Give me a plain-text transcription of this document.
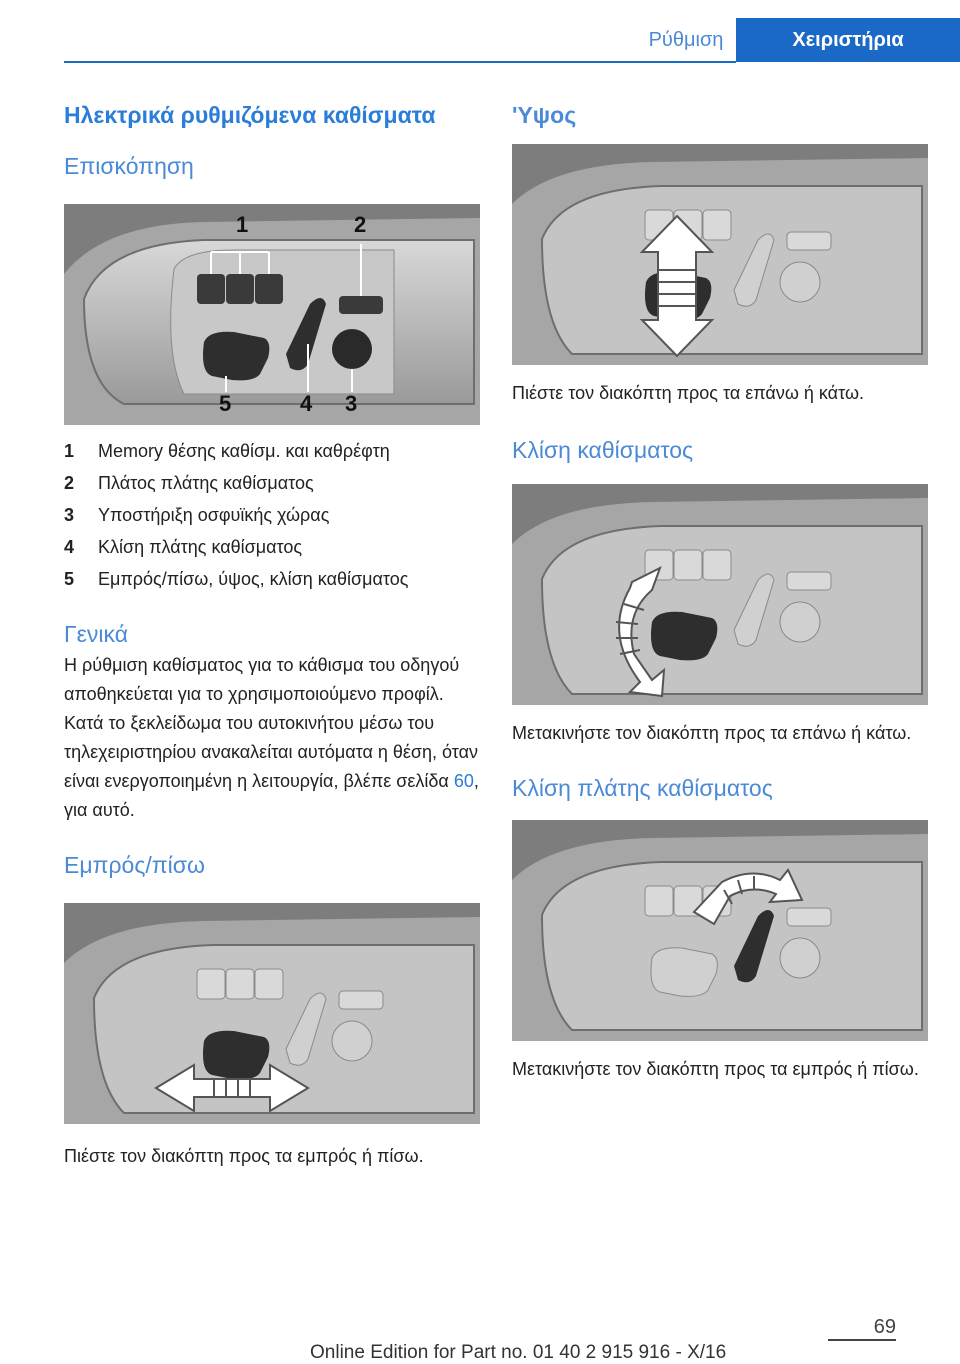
Ρύθμιση	Χειριστήρια
Ηλεκτρικά ρυθμιζόμενα καθίσματα
Επισκόπηση
1	2
5	4 3
1	Memory θέσης καθίσμ. και καθρέφτη
2	Πλάτος πλάτης καθίσματος
3	Υποστήριξη οσφυϊκής χώρας
4	Κλίση πλάτης καθίσματος
5	Εμπρός/πίσω, ύψος, κλίση καθίσματος
Γενικά

Η ρύθμιση καθίσματος για το κάθισμα του οδηγού αποθηκεύεται για το χρησιμοποιούμενο προφίλ. Κατά το ξεκλείδωμα του αυτοκινήτου μέσω του τηλεχειριστηρίου ανακαλείται αυτόματα η θέση, όταν είναι ενεργοποιημένη η λειτουργία, βλέπε σελίδα 60, για αυτό.

Εμπρός/πίσω

Πιέστε τον διακόπτη προς τα εμπρός ή πίσω.

'Υψος

Πιέστε τον διακόπτη προς τα επάνω ή κάτω.

Κλίση καθίσματος

Μετακινήστε τον διακόπτη προς τα επάνω ή κάτω.

Κλίση πλάτης καθίσματος

Μετακινήστε τον διακόπτη προς τα εμπρός ή πίσω.

69
Online Edition for Part no. 01 40 2 915 916 - X/16
